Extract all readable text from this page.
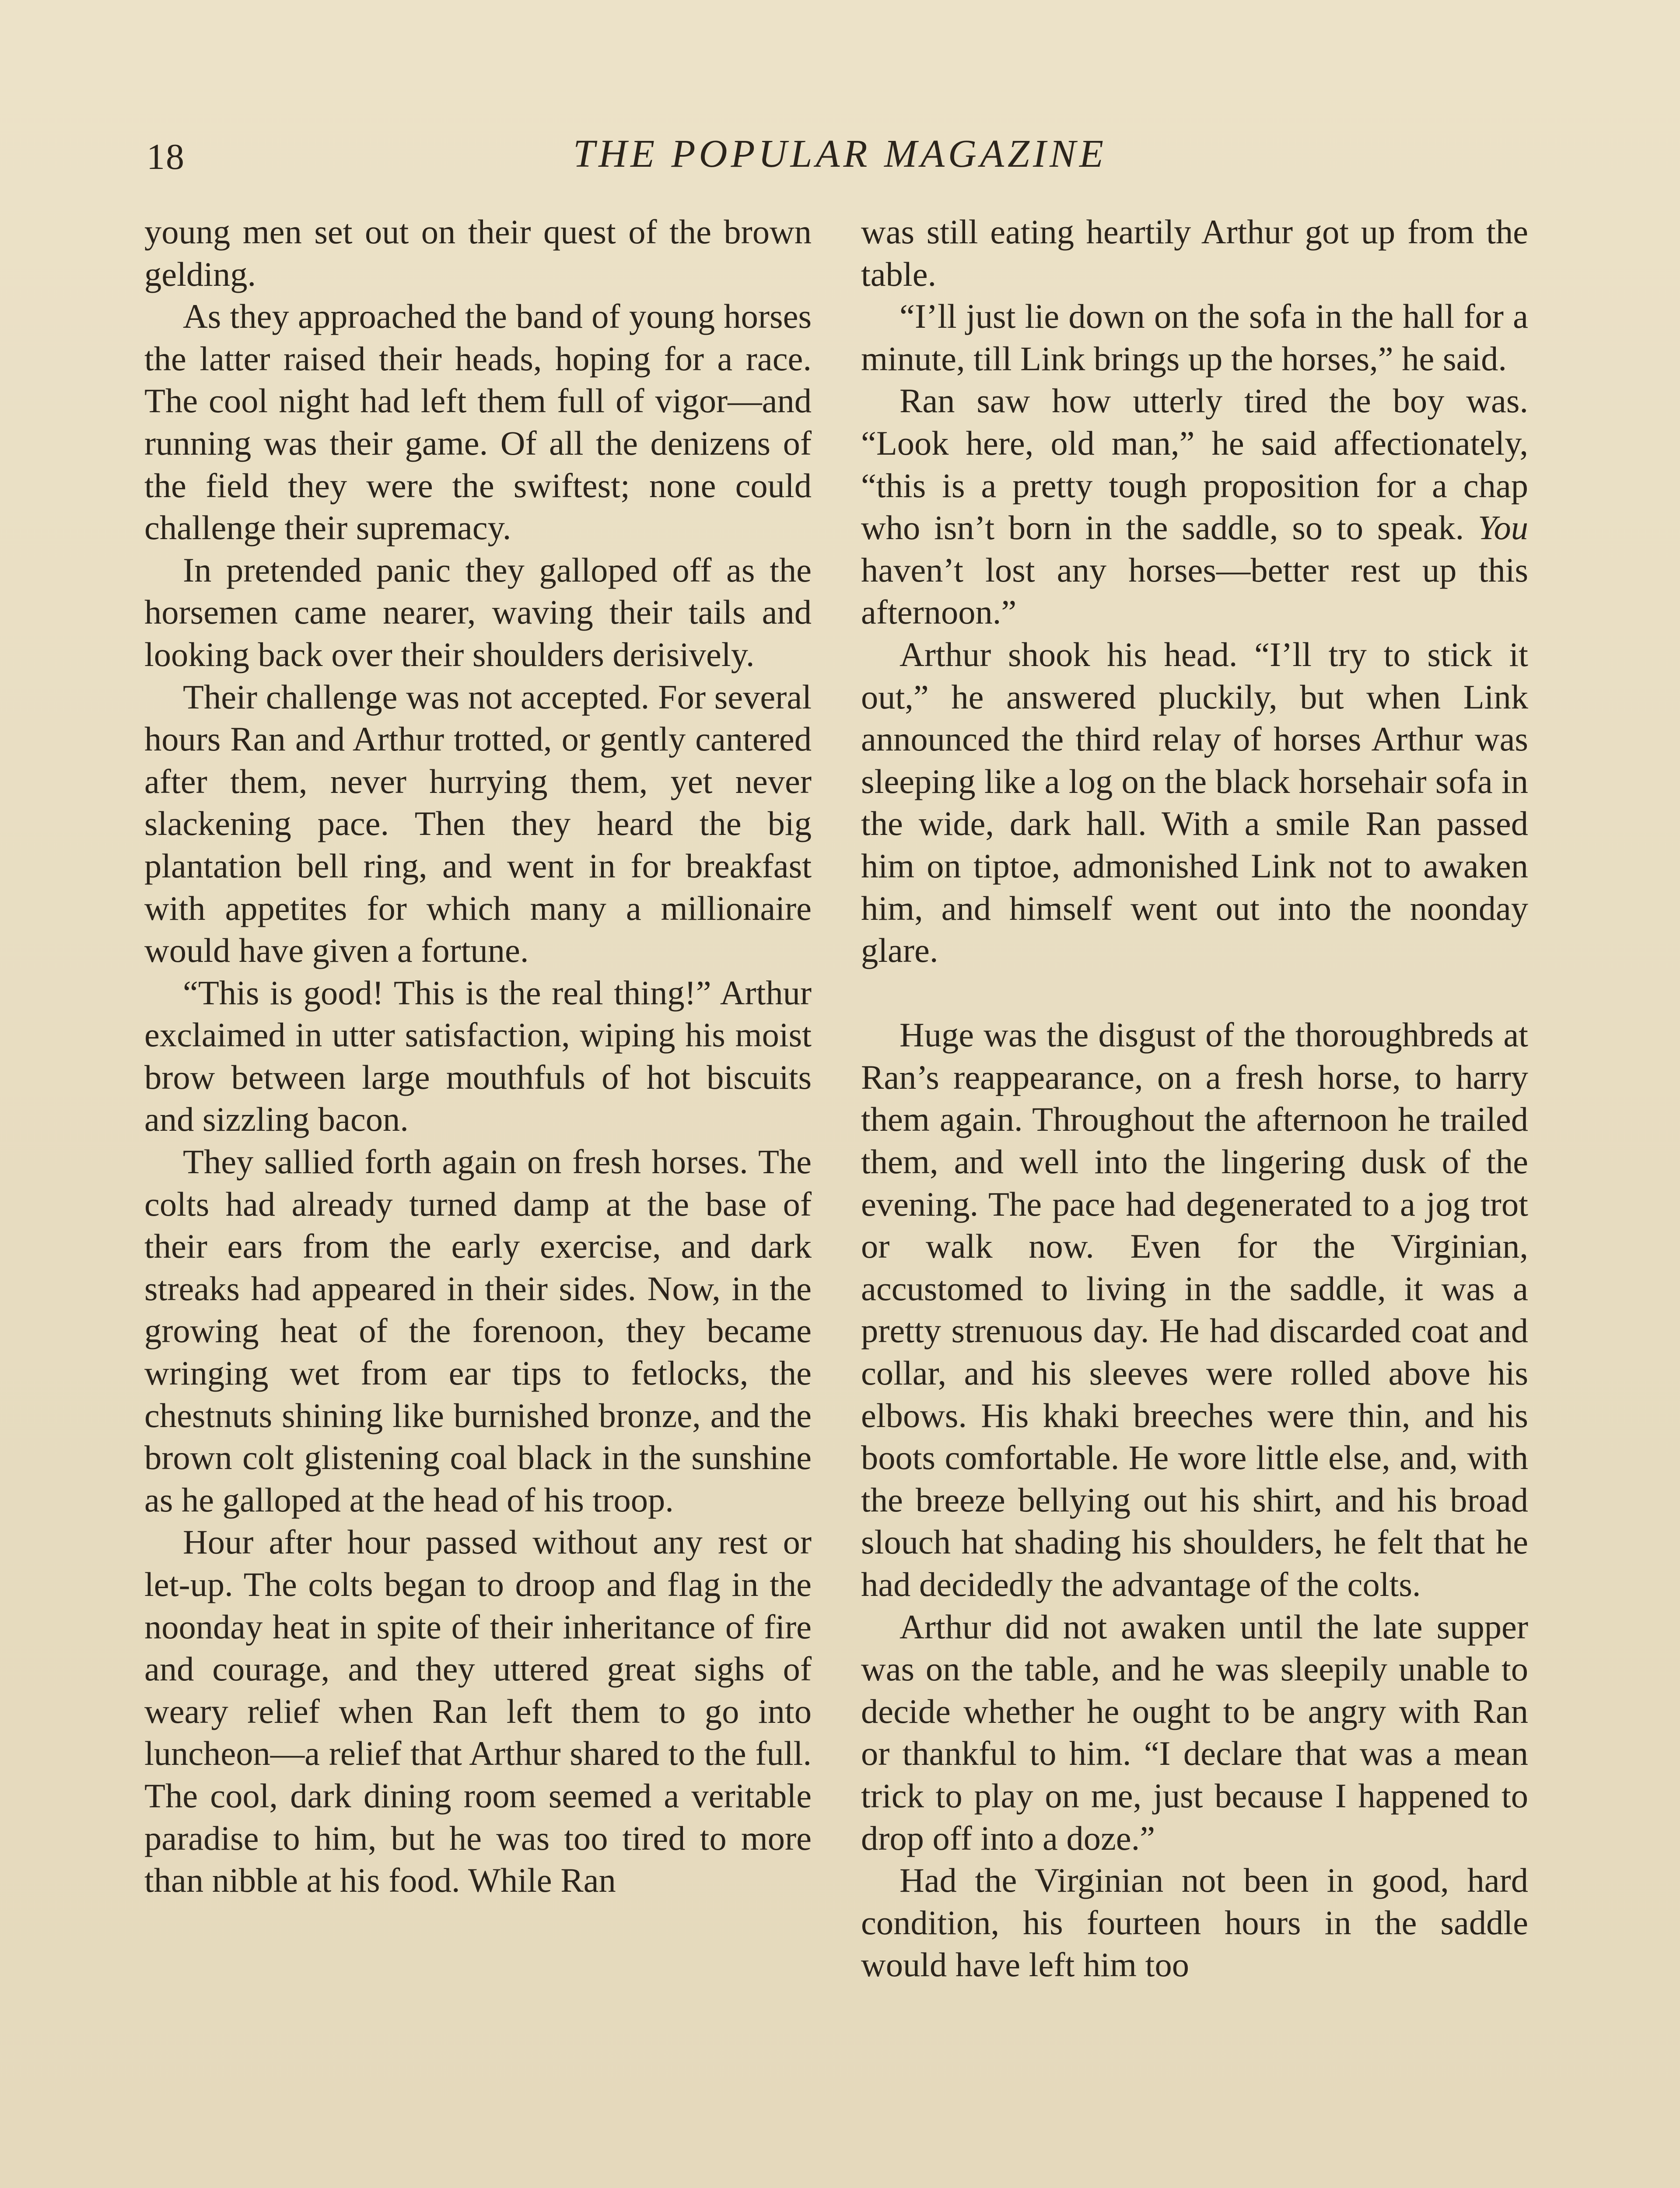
18	THE POPULAR MAGAZINE

young men set out on their quest of the brown gelding.

As they approached the band of young horses the latter raised their heads, hoping for a race. The cool night had left them full of vigor—and running was their game. Of all the denizens of the field they were the swiftest; none could challenge their supremacy.

In pretended panic they galloped off as the horsemen came nearer, waving their tails and looking back over their shoulders derisively.

Their challenge was not accepted. For several hours Ran and Arthur trotted, or gently cantered after them, never hurrying them, yet never slackening pace. Then they heard the big plantation bell ring, and went in for breakfast with appetites for which many a millionaire would have given a fortune.

“This is good! This is the real thing!” Arthur exclaimed in utter satisfaction, wiping his moist brow between large mouthfuls of hot biscuits and sizzling bacon.

They sallied forth again on fresh horses. The colts had already turned damp at the base of their ears from the early exercise, and dark streaks had appeared in their sides. Now, in the growing heat of the forenoon, they became wringing wet from ear tips to fetlocks, the chestnuts shining like burnished bronze, and the brown colt glistening coal black in the sunshine as he galloped at the head of his troop.

Hour after hour passed without any rest or let-up. The colts began to droop and flag in the noonday heat in spite of their inheritance of fire and courage, and they uttered great sighs of weary relief when Ran left them to go into luncheon—a relief that Arthur shared to the full. The cool, dark dining room seemed a veritable paradise to him, but he was too tired to more than nibble at his food. While Ran

was still eating heartily Arthur got up from the table.

“I’ll just lie down on the sofa in the hall for a minute, till Link brings up the horses,” he said.

Ran saw how utterly tired the boy was. “Look here, old man,” he said affectionately, “this is a pretty tough proposition for a chap who isn’t born in the saddle, so to speak. You haven’t lost any horses—better rest up this afternoon.”

Arthur shook his head. “I’ll try to stick it out,” he answered pluckily, but when Link announced the third relay of horses Arthur was sleeping like a log on the black horsehair sofa in the wide, dark hall. With a smile Ran passed him on tiptoe, admonished Link not to awaken him, and himself went out into the noonday glare.

Huge was the disgust of the thoroughbreds at Ran’s reappearance, on a fresh horse, to harry them again. Throughout the afternoon he trailed them, and well into the lingering dusk of the evening. The pace had degenerated to a jog trot or walk now. Even for the Virginian, accustomed to living in the saddle, it was a pretty strenuous day. He had discarded coat and collar, and his sleeves were rolled above his elbows. His khaki breeches were thin, and his boots comfortable. He wore little else, and, with the breeze bellying out his shirt, and his broad slouch hat shading his shoulders, he felt that he had decidedly the advantage of the colts.

Arthur did not awaken until the late supper was on the table, and he was sleepily unable to decide whether he ought to be angry with Ran or thankful to him. “I declare that was a mean trick to play on me, just because I happened to drop off into a doze.”

Had the Virginian not been in good, hard condition, his fourteen hours in the saddle would have left him too
